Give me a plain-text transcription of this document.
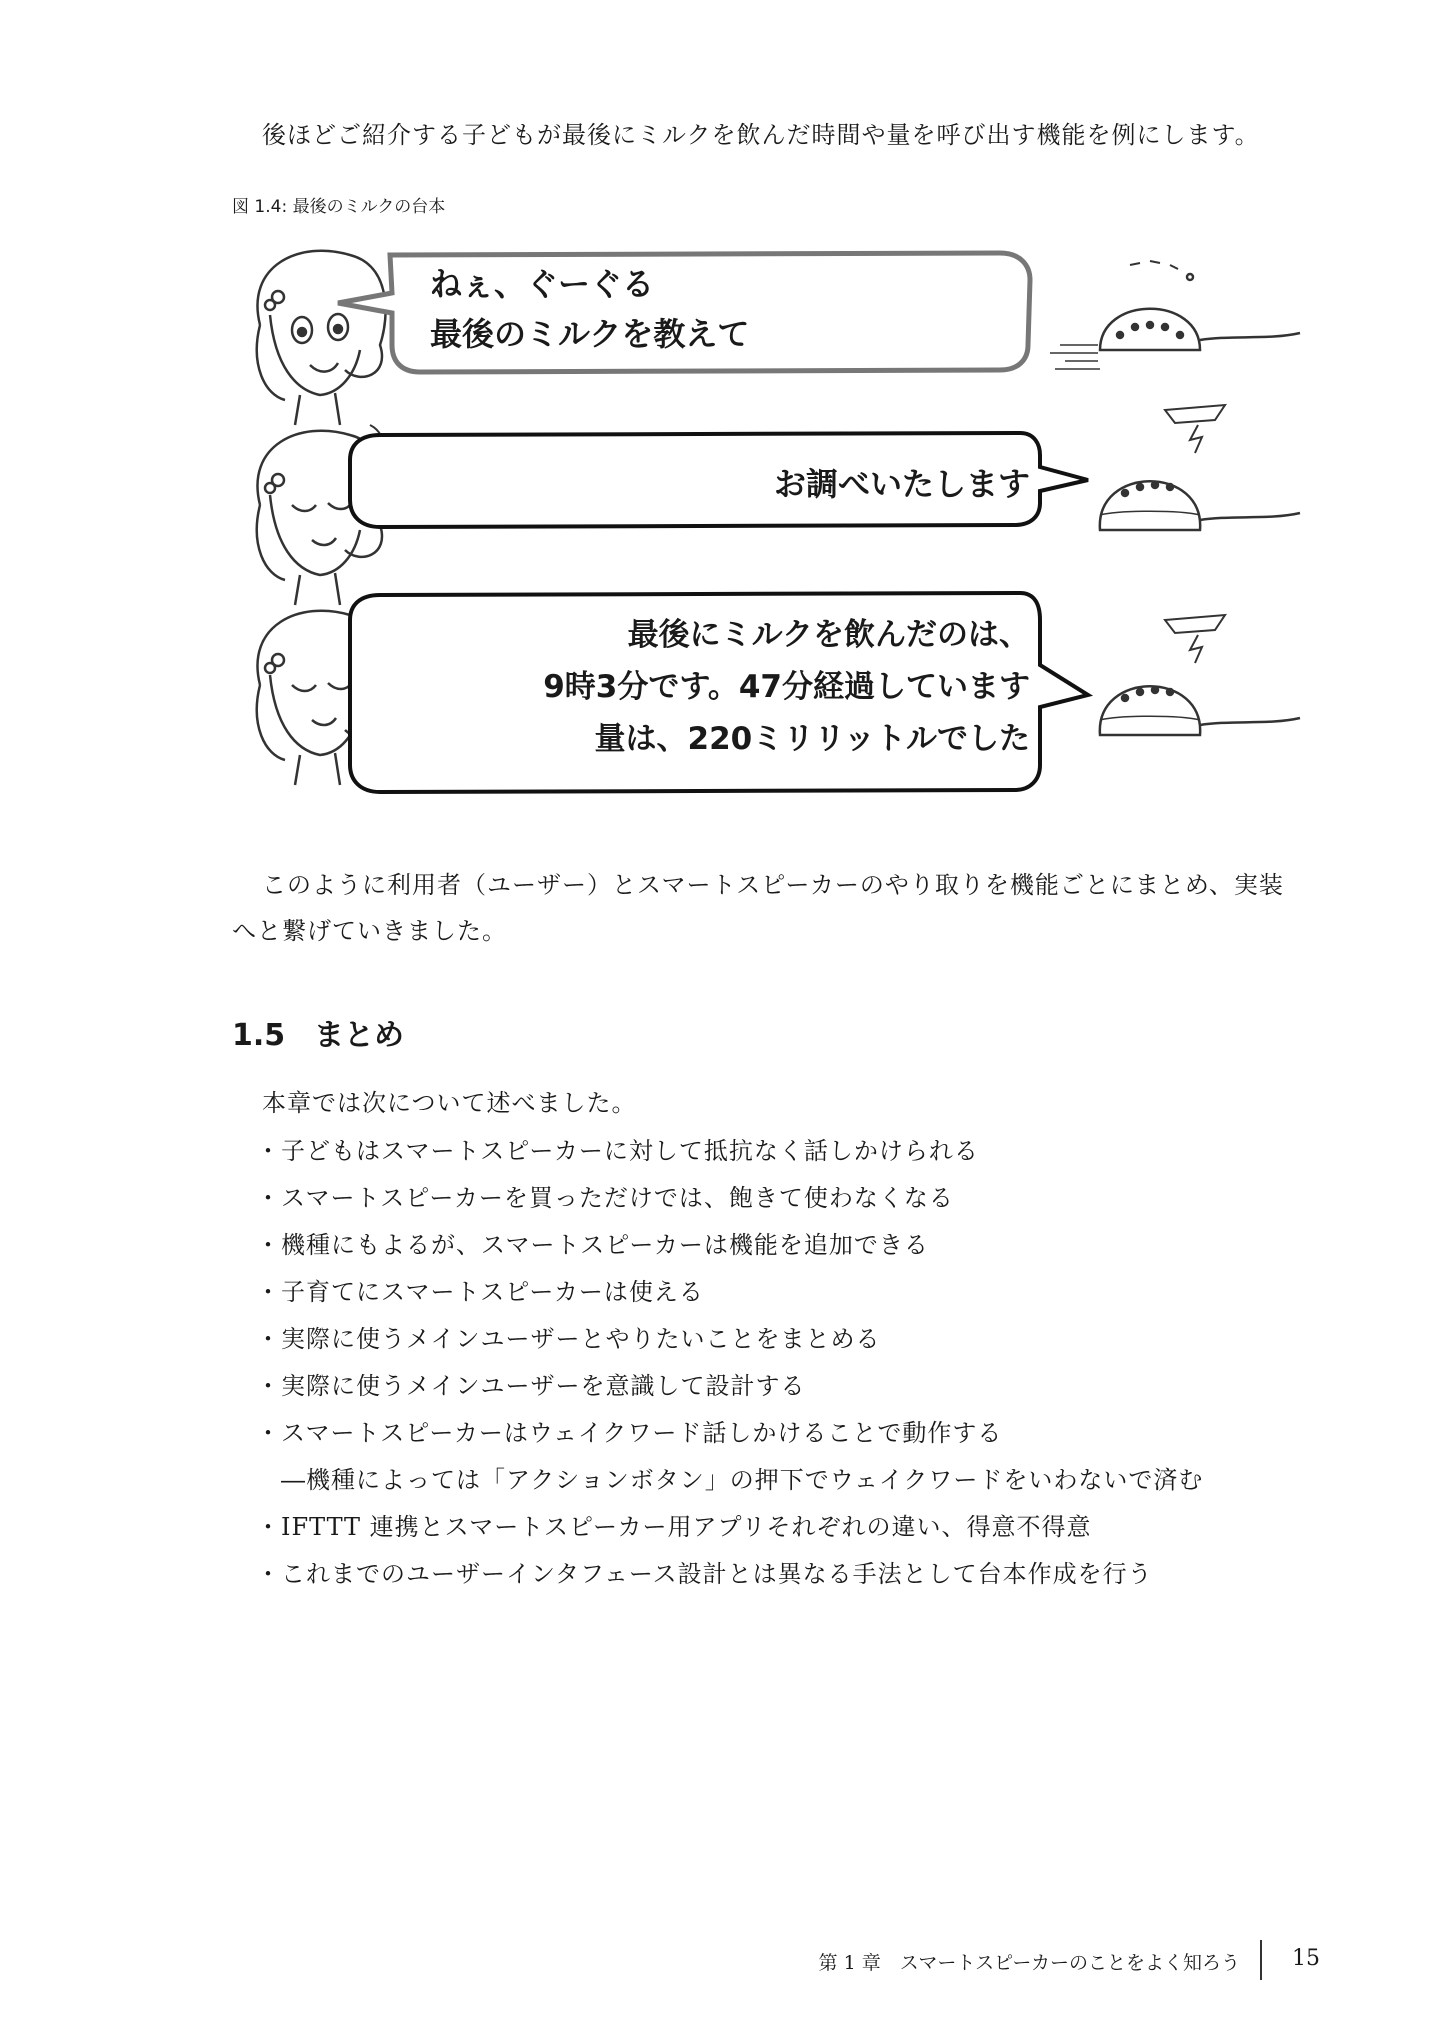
後ほどご紹介する子どもが最後にミルクを飲んだ時間や量を呼び出す機能を例にします。
図 1.4: 最後のミルクの台本
ねぇ、ぐーぐる
最後のミルクを教えて
お調べいたします
最後にミルクを飲んだのは、
9時3分です。47分経過しています
量は、220ミリリットルでした
このように利用者（ユーザー）とスマートスピーカーのやり取りを機能ごとにまとめ、実装
へと繋げていきました。
1.5 まとめ
本章では次について述べました。
・子どもはスマートスピーカーに対して抵抗なく話しかけられる
・スマートスピーカーを買っただけでは、飽きて使わなくなる
・機種にもよるが、スマートスピーカーは機能を追加できる
・子育てにスマートスピーカーは使える
・実際に使うメインユーザーとやりたいことをまとめる
・実際に使うメインユーザーを意識して設計する
・スマートスピーカーはウェイクワード話しかけることで動作する
　―機種によっては「アクションボタン」の押下でウェイクワードをいわないで済む
・IFTTT 連携とスマートスピーカー用アプリそれぞれの違い、得意不得意
・これまでのユーザーインタフェース設計とは異なる手法として台本作成を行う
第 1 章　スマートスピーカーのことをよく知ろう 15
